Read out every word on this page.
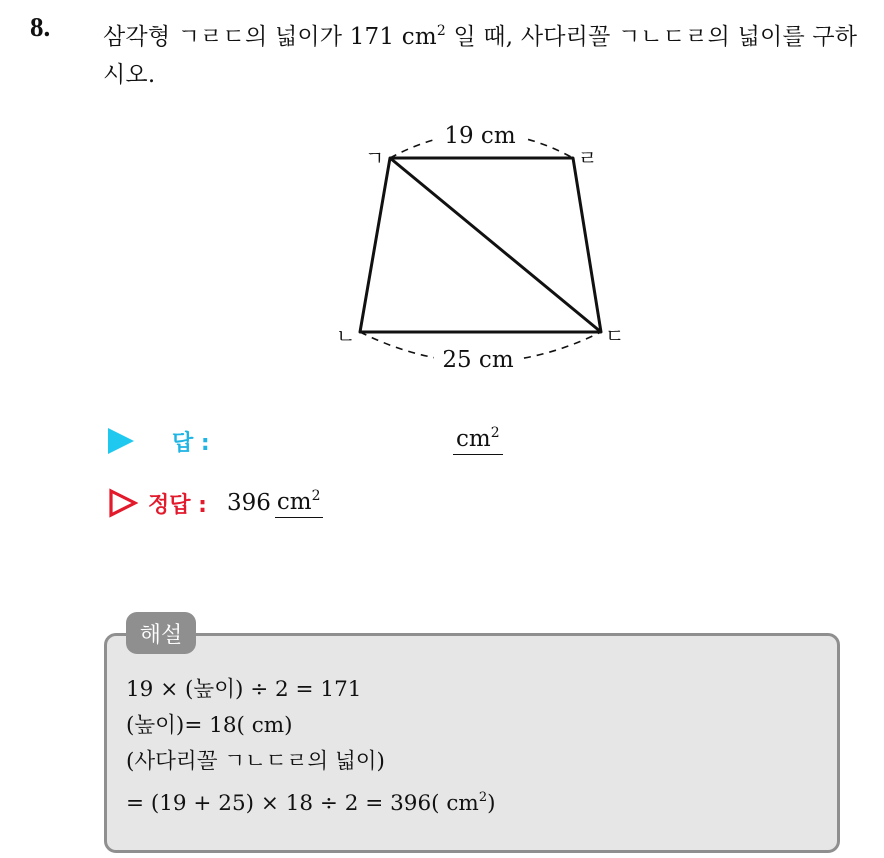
8. 삼각형 ㄱㄹㄷ의 넓이가 171 $cm^2$ 일 때, 사다리꼴 ㄱㄴㄷㄹ의 넓이를 구하시오.
19 cm
25 cm
ㄱ	ㄹ
ㄴ	ㄷ
답 :	$cm^2$
정답 : 396 $cm^2$
해설
19 × (높이) ÷ 2 = 171
(높이)= 18( cm)
(사다리꼴 ㄱㄴㄷㄹ의 넓이)
= (19 + 25) × 18 ÷ 2 = 396( $cm^2$)
